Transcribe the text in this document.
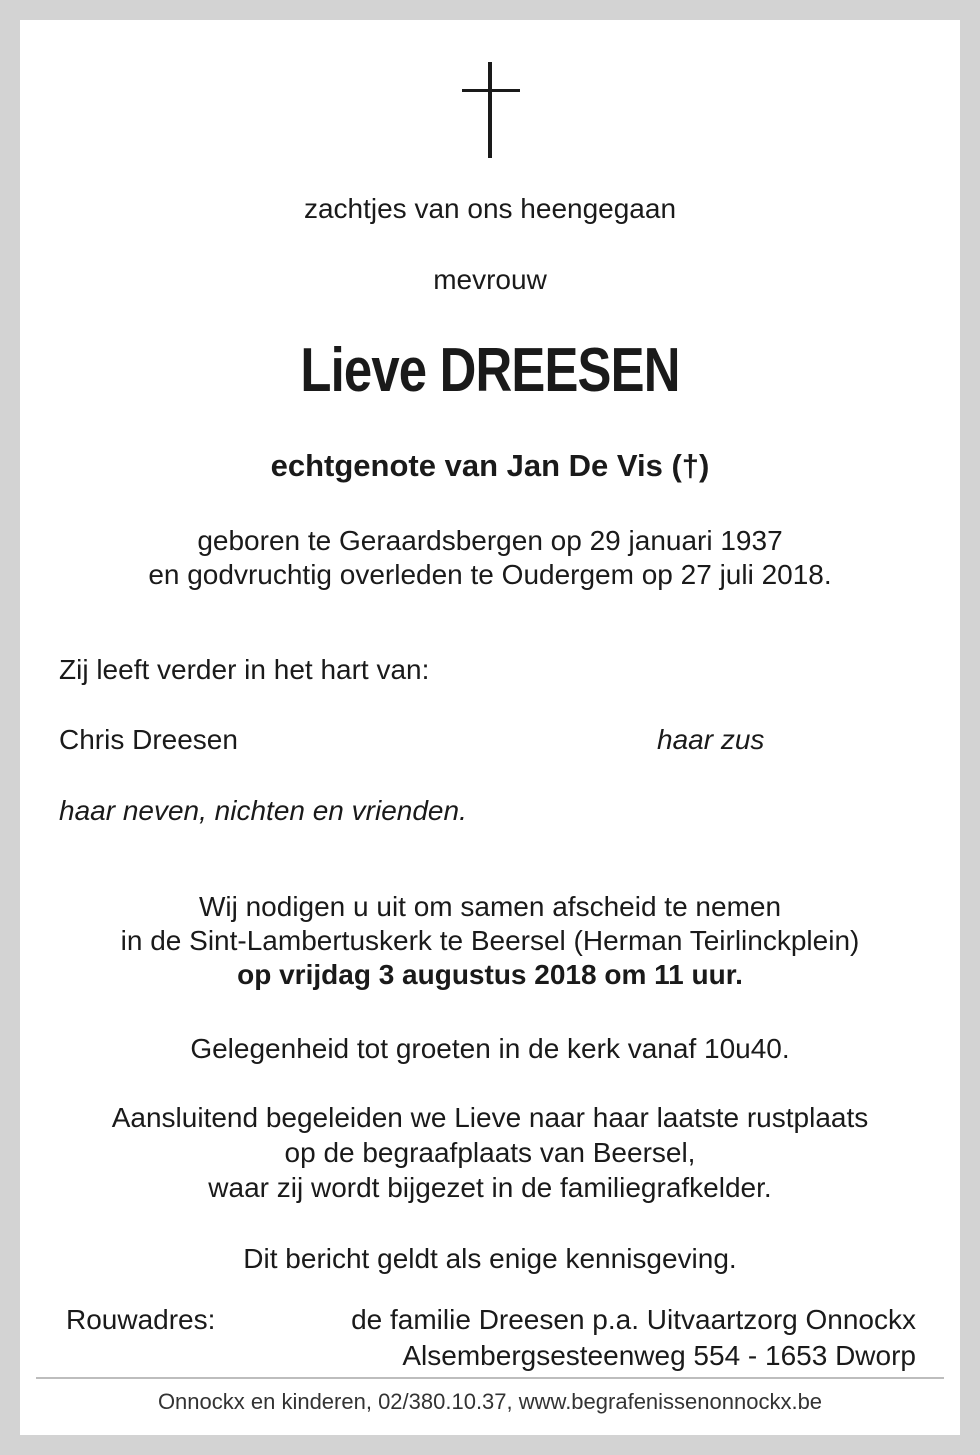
zachtjes van ons heengegaan
mevrouw
Lieve DREESEN
echtgenote van Jan De Vis (†)
geboren te Geraardsbergen op 29 januari 1937
en godvruchtig overleden te Oudergem op 27 juli 2018.
Zij leeft verder in het hart van:
Chris Dreesen	haar zus
haar neven, nichten en vrienden.
Wij nodigen u uit om samen afscheid te nemen
in de Sint-Lambertuskerk te Beersel (Herman Teirlinckplein)
op vrijdag 3 augustus 2018 om 11 uur.
Gelegenheid tot groeten in de kerk vanaf 10u40.
Aansluitend begeleiden we Lieve naar haar laatste rustplaats
op de begraafplaats van Beersel,
waar zij wordt bijgezet in de familiegrafkelder.
Dit bericht geldt als enige kennisgeving.
Rouwadres:	de familie Dreesen p.a. Uitvaartzorg Onnockx
Alsembergsesteenweg 554 - 1653 Dworp
Onnockx en kinderen, 02/380.10.37, www.begrafenissenonnockx.be
